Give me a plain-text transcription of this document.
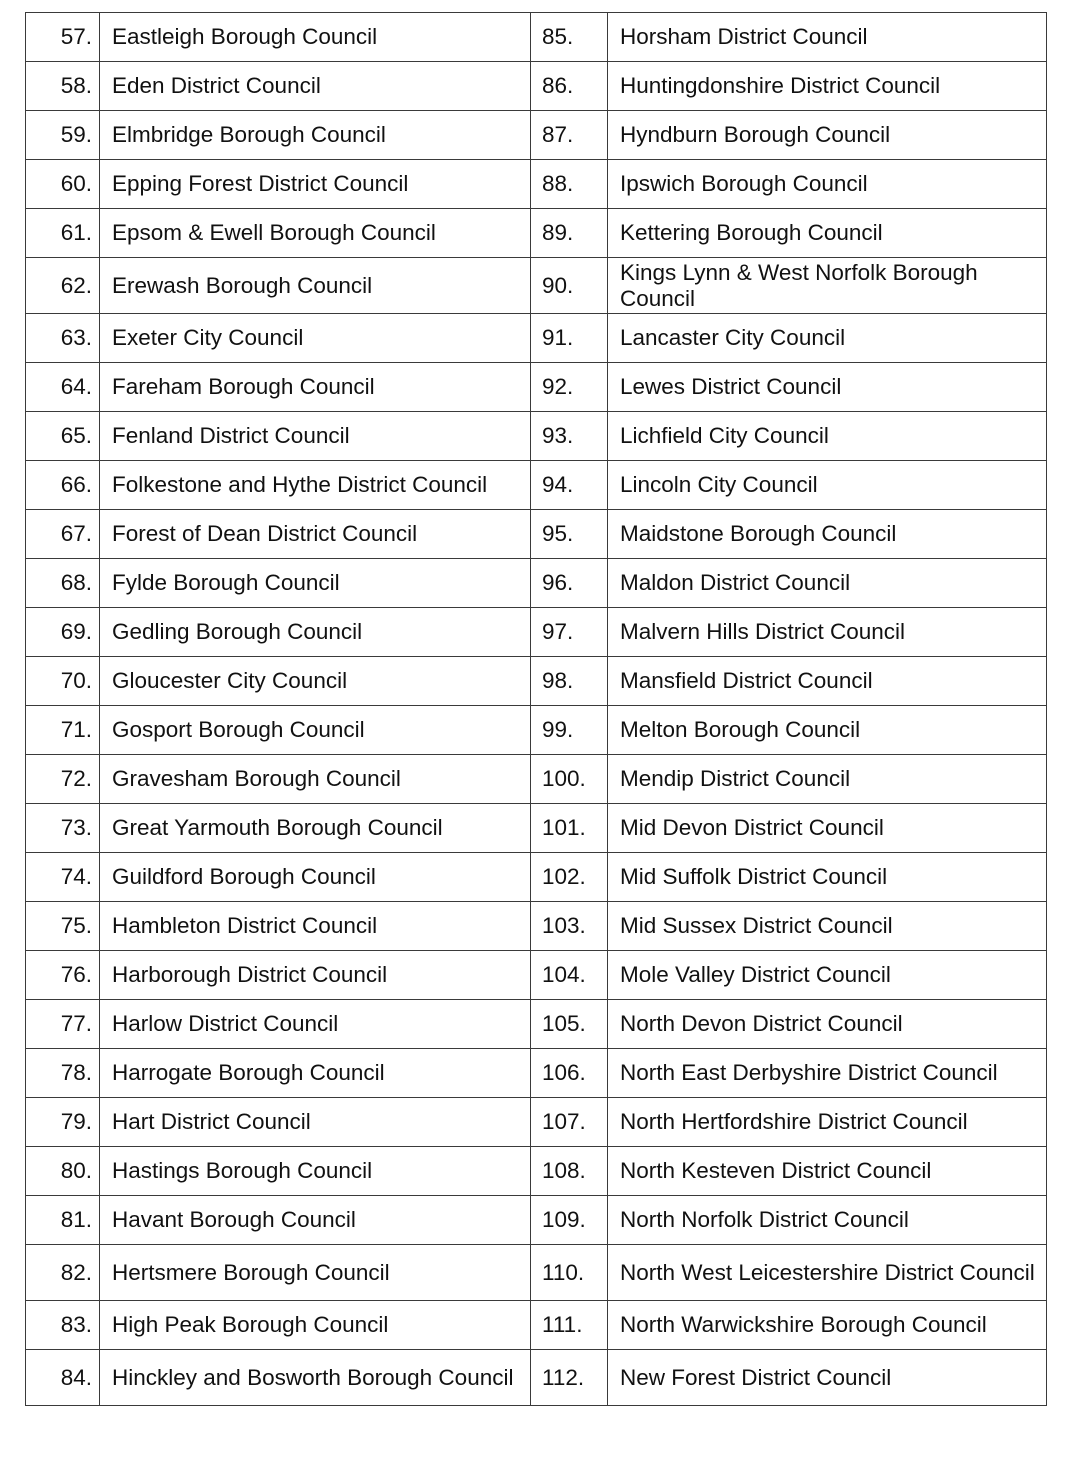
57.	Eastleigh Borough Council	85.	Horsham District Council
58.	Eden District Council	86.	Huntingdonshire District Council
59.	Elmbridge Borough Council	87.	Hyndburn Borough Council
60.	Epping Forest District Council	88.	Ipswich Borough Council
61.	Epsom & Ewell Borough Council	89.	Kettering Borough Council
62.	Erewash Borough Council	90.	Kings Lynn & West Norfolk Borough Council
63.	Exeter City Council	91.	Lancaster City Council
64.	Fareham Borough Council	92.	Lewes District Council
65.	Fenland District Council	93.	Lichfield City Council
66.	Folkestone and Hythe District Council	94.	Lincoln City Council
67.	Forest of Dean District Council	95.	Maidstone Borough Council
68.	Fylde Borough Council	96.	Maldon District Council
69.	Gedling Borough Council	97.	Malvern Hills District Council
70.	Gloucester City Council	98.	Mansfield District Council
71.	Gosport Borough Council	99.	Melton Borough Council
72.	Gravesham Borough Council	100.	Mendip District Council
73.	Great Yarmouth Borough Council	101.	Mid Devon District Council
74.	Guildford Borough Council	102.	Mid Suffolk District Council
75.	Hambleton District Council	103.	Mid Sussex District Council
76.	Harborough District Council	104.	Mole Valley District Council
77.	Harlow District Council	105.	North Devon District Council
78.	Harrogate Borough Council	106.	North East Derbyshire District Council
79.	Hart District Council	107.	North Hertfordshire District Council
80.	Hastings Borough Council	108.	North Kesteven District Council
81.	Havant Borough Council	109.	North Norfolk District Council
82.	Hertsmere Borough Council	110.	North West Leicestershire District Council
83.	High Peak Borough Council	111.	North Warwickshire Borough Council
84.	Hinckley and Bosworth Borough Council	112.	New Forest District Council
